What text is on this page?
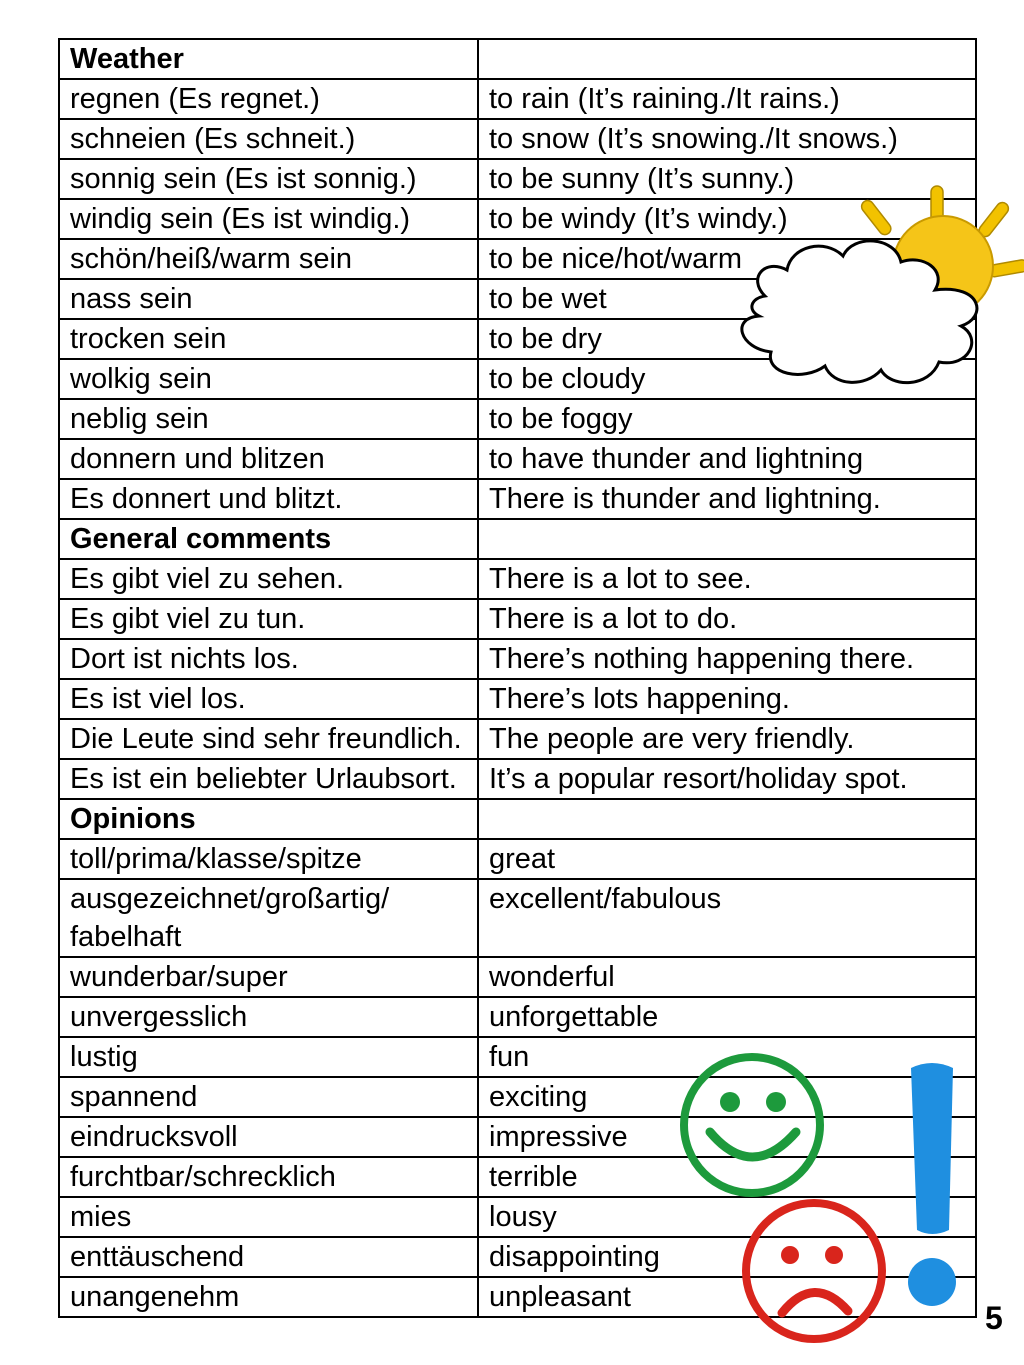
Weather	
regnen (Es regnet.)	to rain (It’s raining./It rains.)
schneien (Es schneit.)	to snow (It’s snowing./It snows.)
sonnig sein (Es ist sonnig.)	to be sunny (It’s sunny.)
windig sein (Es ist windig.)	to be windy (It’s windy.)
schön/heiß/warm sein	to be nice/hot/warm
nass sein	to be wet
trocken sein	to be dry
wolkig sein	to be cloudy
neblig sein	to be foggy
donnern und blitzen	to have thunder and lightning
Es donnert und blitzt.	There is thunder and lightning.
General comments	
Es gibt viel zu sehen.	There is a lot to see.
Es gibt viel zu tun.	There is a lot to do.
Dort ist nichts los.	There’s nothing happening there.
Es ist viel los.	There’s lots happening.
Die Leute sind sehr freundlich.	The people are very friendly.
Es ist ein beliebter Urlaubsort.	It’s a popular resort/holiday spot.
Opinions	
toll/prima/klasse/spitze	great
ausgezeichnet/großartig/ fabelhaft	excellent/fabulous
wunderbar/super	wonderful
unvergesslich	unforgettable
lustig	fun
spannend	exciting
eindrucksvoll	impressive
furchtbar/schrecklich	terrible
mies	lousy
enttäuschend	disappointing
unangenehm	unpleasant
5
